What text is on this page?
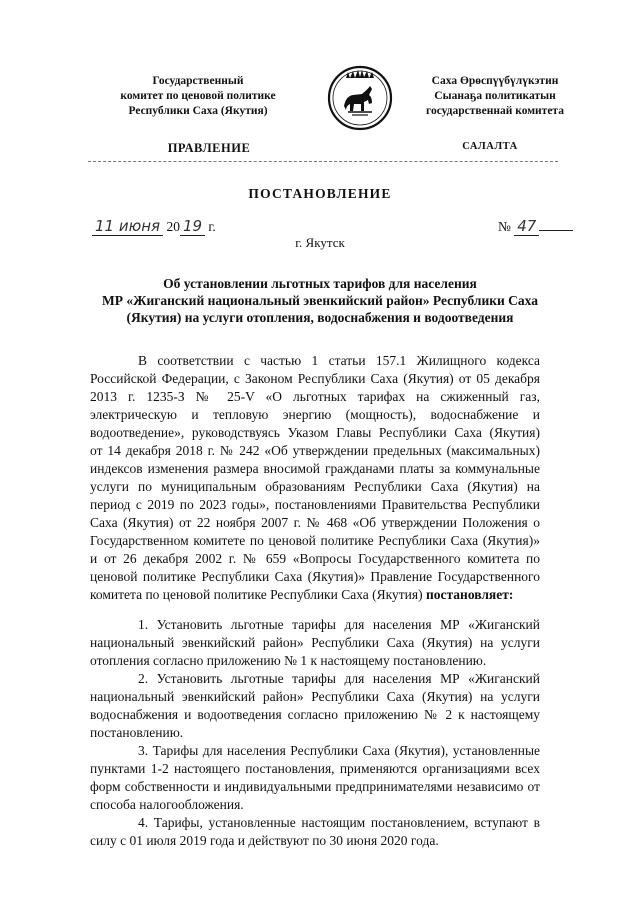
Государственный
комитет по ценовой политике
Республики Саха (Якутия)
Саха Өрөспүүбүлүкэтин
Сыанаҕа политикатын
государственнай комитета
ПРАВЛЕНИЕ	САЛАЛТА
ПОСТАНОВЛЕНИЕ
11 июня 20 19 г.	№ 47
г. Якутск
Об установлении льготных тарифов для населения
МР «Жиганский национальный эвенкийский район» Республики Саха
(Якутия) на услуги отопления, водоснабжения и водоотведения
В соответствии с частью 1 статьи 157.1 Жилищного кодекса
Российской Федерации, с Законом Республики Саха (Якутия) от 05 декабря
2013 г. 1235-З № 25-V «О льготных тарифах на сжиженный газ,
электрическую и тепловую энергию (мощность), водоснабжение и
водоотведение», руководствуясь Указом Главы Республики Саха (Якутия)
от 14 декабря 2018 г. № 242 «Об утверждении предельных (максимальных)
индексов изменения размера вносимой гражданами платы за коммунальные
услуги по муниципальным образованиям Республики Саха (Якутия) на
период с 2019 по 2023 годы», постановлениями Правительства Республики
Саха (Якутия) от 22 ноября 2007 г. № 468 «Об утверждении Положения о
Государственном комитете по ценовой политике Республики Саха (Якутия)»
и от 26 декабря 2002 г. № 659 «Вопросы Государственного комитета по
ценовой политике Республики Саха (Якутия)» Правление Государственного
комитета по ценовой политике Республики Саха (Якутия) постановляет:
1. Установить льготные тарифы для населения МР «Жиганский
национальный эвенкийский район» Республики Саха (Якутия) на услуги
отопления согласно приложению № 1 к настоящему постановлению.
2. Установить льготные тарифы для населения МР «Жиганский
национальный эвенкийский район» Республики Саха (Якутия) на услуги
водоснабжения и водоотведения согласно приложению № 2 к настоящему
постановлению.
3. Тарифы для населения Республики Саха (Якутия), установленные
пунктами 1-2 настоящего постановления, применяются организациями всех
форм собственности и индивидуальными предпринимателями независимо от
способа налогообложения.
4. Тарифы, установленные настоящим постановлением, вступают в
силу с 01 июля 2019 года и действуют по 30 июня 2020 года.
